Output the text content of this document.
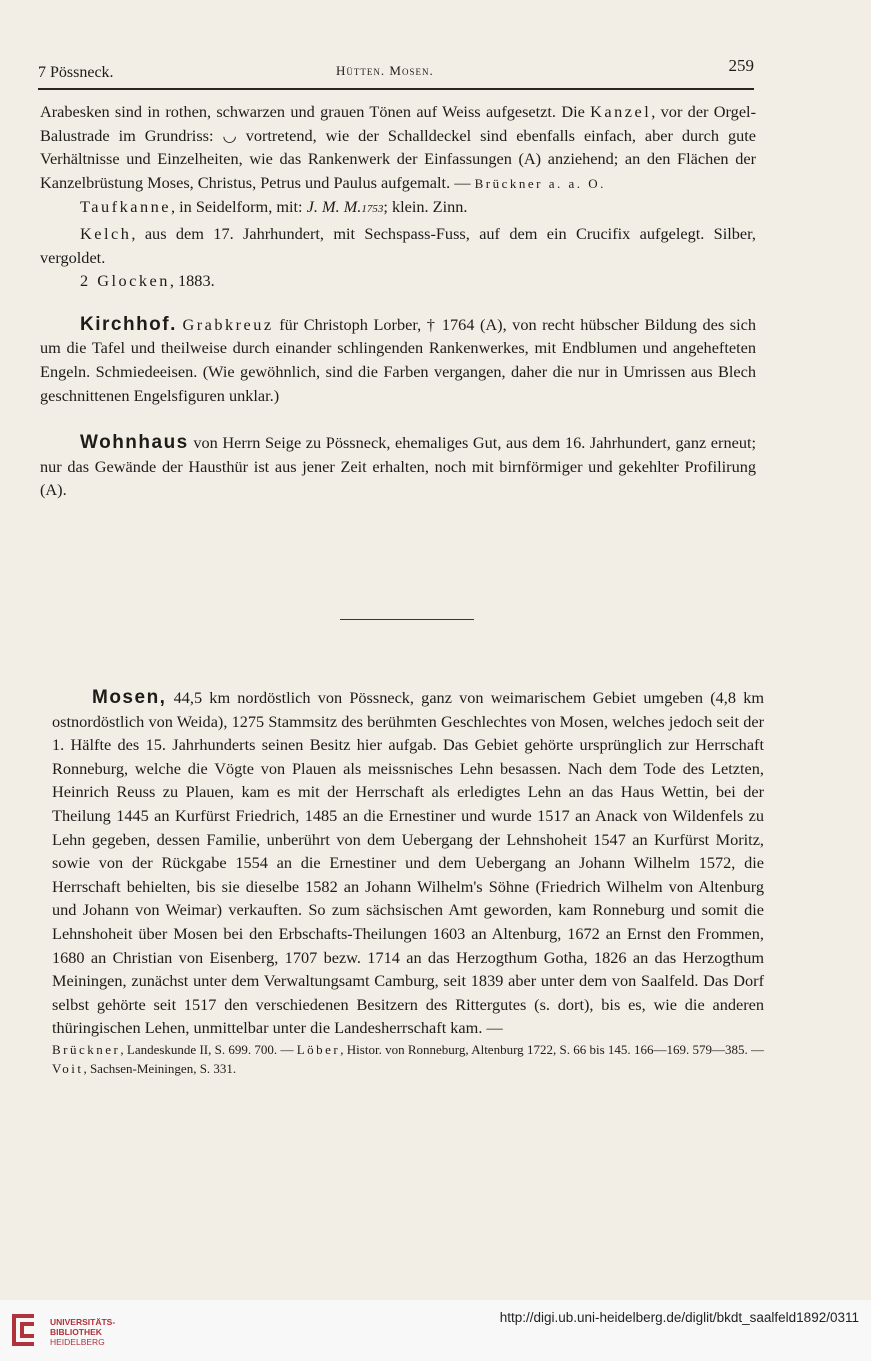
7 Pössneck.	Hütten. Mosen.	259

Arabesken sind in rothen, schwarzen und grauen Tönen auf Weiss aufgesetzt. Die Kanzel, vor der Orgel-Balustrade im Grundriss: ◡ vortretend, wie der Schalldeckel sind ebenfalls einfach, aber durch gute Verhältnisse und Einzelheiten, wie das Rankenwerk der Einfassungen (A) anziehend; an den Flächen der Kanzelbrüstung Moses, Christus, Petrus und Paulus aufgemalt. — Brückner a. a. O.

Taufkanne, in Seidelform, mit: J. M. M.1753; klein. Zinn.

Kelch, aus dem 17. Jahrhundert, mit Sechspass-Fuss, auf dem ein Crucifix aufgelegt. Silber, vergoldet.

2 Glocken, 1883.

Kirchhof. Grabkreuz für Christoph Lorber, † 1764 (A), von recht hübscher Bildung des sich um die Tafel und theilweise durch einander schlingenden Rankenwerkes, mit Endblumen und angehefteten Engeln. Schmiedeeisen. (Wie gewöhnlich, sind die Farben vergangen, daher die nur in Umrissen aus Blech geschnittenen Engelsfiguren unklar.)

Wohnhaus von Herrn Seige zu Pössneck, ehemaliges Gut, aus dem 16. Jahrhundert, ganz erneut; nur das Gewände der Hausthür ist aus jener Zeit erhalten, noch mit birnförmiger und gekehlter Profilirung (A).

Mosen, 44,5 km nordöstlich von Pössneck, ganz von weimarischem Gebiet umgeben (4,8 km ostnordöstlich von Weida), 1275 Stammsitz des berühmten Geschlechtes von Mosen, welches jedoch seit der 1. Hälfte des 15. Jahrhunderts seinen Besitz hier aufgab. Das Gebiet gehörte ursprünglich zur Herrschaft Ronneburg, welche die Vögte von Plauen als meissnisches Lehn besassen. Nach dem Tode des Letzten, Heinrich Reuss zu Plauen, kam es mit der Herrschaft als erledigtes Lehn an das Haus Wettin, bei der Theilung 1445 an Kurfürst Friedrich, 1485 an die Ernestiner und wurde 1517 an Anack von Wildenfels zu Lehn gegeben, dessen Familie, unberührt von dem Uebergang der Lehnshoheit 1547 an Kurfürst Moritz, sowie von der Rückgabe 1554 an die Ernestiner und dem Uebergang an Johann Wilhelm 1572, die Herrschaft behielten, bis sie dieselbe 1582 an Johann Wilhelm's Söhne (Friedrich Wilhelm von Altenburg und Johann von Weimar) verkauften. So zum sächsischen Amt geworden, kam Ronneburg und somit die Lehnshoheit über Mosen bei den Erbschafts-Theilungen 1603 an Altenburg, 1672 an Ernst den Frommen, 1680 an Christian von Eisenberg, 1707 bezw. 1714 an das Herzogthum Gotha, 1826 an das Herzogthum Meiningen, zunächst unter dem Verwaltungsamt Camburg, seit 1839 aber unter dem von Saalfeld. Das Dorf selbst gehörte seit 1517 den verschiedenen Besitzern des Rittergutes (s. dort), bis es, wie die anderen thüringischen Lehen, unmittelbar unter die Landesherrschaft kam. —

Brückner, Landeskunde II, S. 699. 700. — Löber, Histor. von Ronneburg, Altenburg 1722, S. 66 bis 145. 166—169. 579—385. — Voit, Sachsen-Meiningen, S. 331.

UNIVERSITÄTS-
BIBLIOTHEK
HEIDELBERG
http://digi.ub.uni-heidelberg.de/diglit/bkdt_saalfeld1892/0311
